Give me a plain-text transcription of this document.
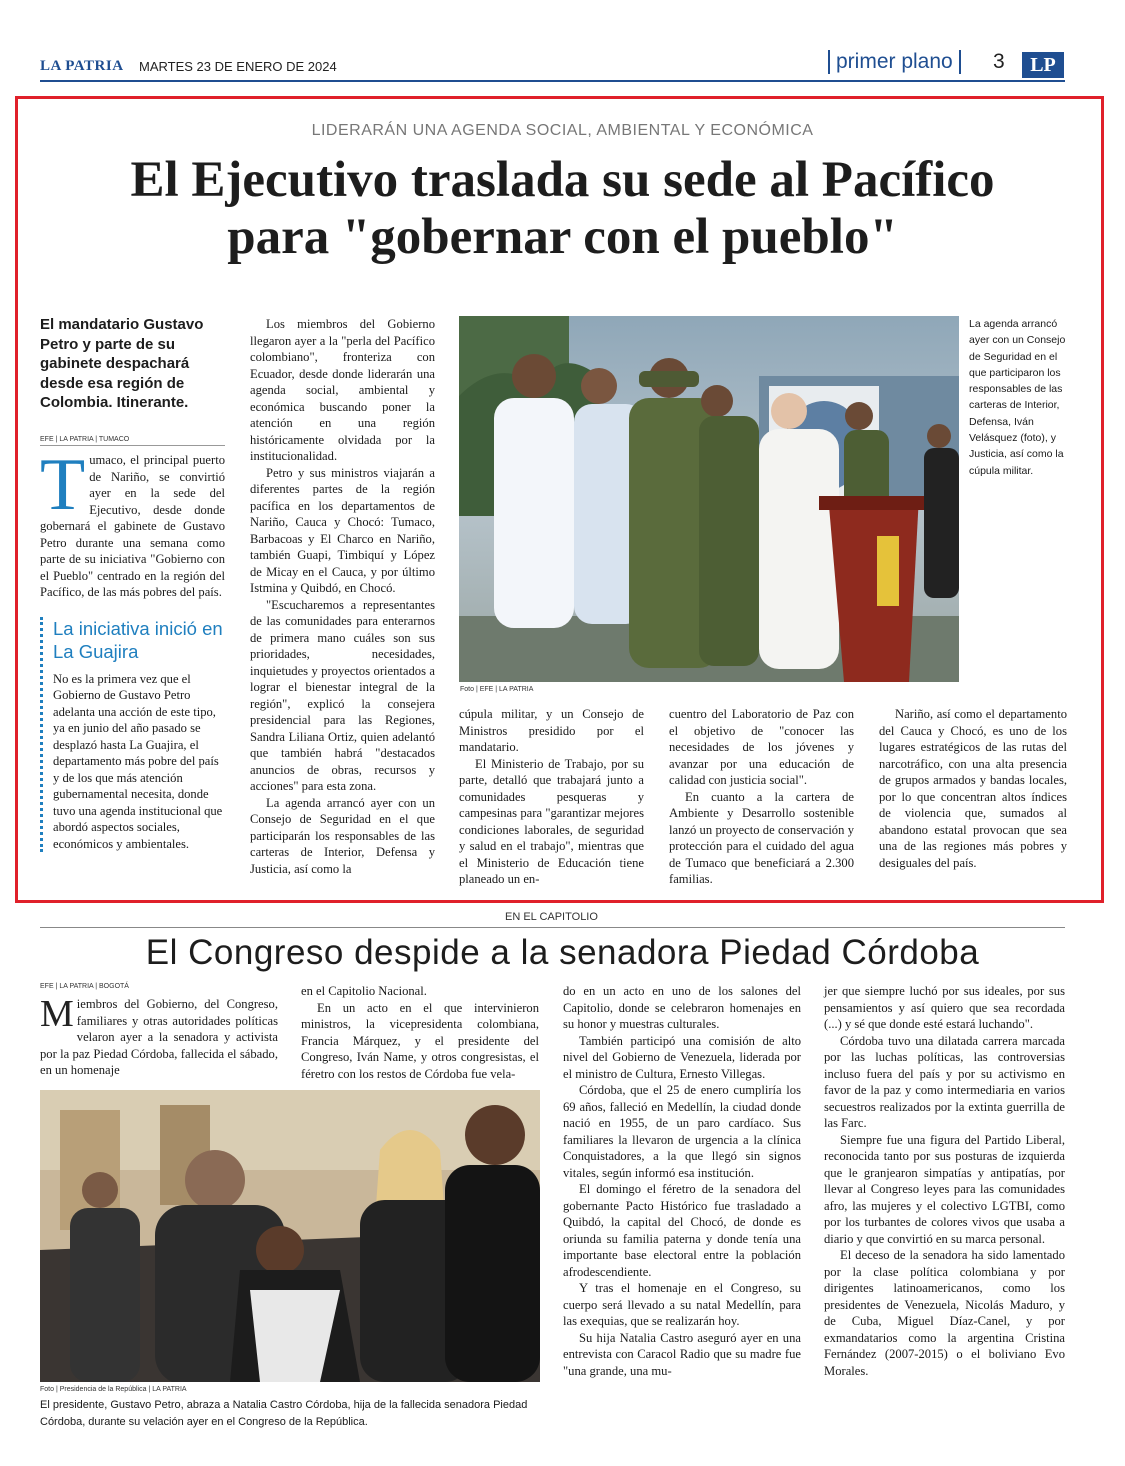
LA PATRIA MARTES 23 DE ENERO DE 2024	primer plano	3	LP
LIDERARÁN UNA AGENDA SOCIAL, AMBIENTAL Y ECONÓMICA
El Ejecutivo traslada su sede al Pacífico
para "gobernar con el pueblo"
El mandatario Gustavo Petro y parte de su gabinete despachará desde esa región de Colombia. Itinerante.
EFE | LA PATRIA | TUMACO
Tumaco, el principal puerto de Nariño, se convirtió ayer en la sede del Ejecutivo, desde donde gobernará el gabinete de Gustavo Petro durante una semana como parte de su iniciativa "Gobierno con el Pueblo" centrado en la región del Pacífico, de las más pobres del país.
La iniciativa inició en La Guajira
No es la primera vez que el Gobierno de Gustavo Petro adelanta una acción de este tipo, ya en junio del año pasado se desplazó hasta La Guajira, el departamento más pobre del país y de los que más atención gubernamental necesita, donde tuvo una agenda institucional que abordó aspectos sociales, económicos y ambientales.

Los miembros del Gobierno llegaron ayer a la "perla del Pacífico colombiano", fronteriza con Ecuador, desde donde liderarán una agenda social, ambiental y económica buscando poner la atención en una región históricamente olvidada por la institucionalidad.

Petro y sus ministros viajarán a diferentes partes de la región pacífica en los departamentos de Nariño, Cauca y Chocó: Tumaco, Barbacoas y El Charco en Nariño, también Guapi, Timbiquí y López de Micay en el Cauca, y por último Istmina y Quibdó, en Chocó.

"Escucharemos a representantes de las comunidades para enterarnos de primera mano cuáles son sus prioridades, necesidades, inquietudes y proyectos orientados a lograr el bienestar integral de la región", explicó la consejera presidencial para las Regiones, Sandra Liliana Ortiz, quien adelantó que también habrá "destacados anuncios de obras, recursos y acciones" para esta zona.

La agenda arrancó ayer con un Consejo de Seguridad en el que participarán los responsables de las carteras de Interior, Defensa y Justicia, así como la

Foto | EFE | LA PATRIA
La agenda arrancó ayer con un Consejo de Seguridad en el que participaron los responsables de las carteras de Interior, Defensa, Iván Velásquez (foto), y Justicia, así como la cúpula militar.

cúpula militar, y un Consejo de Ministros presidido por el mandatario.

El Ministerio de Trabajo, por su parte, detalló que trabajará junto a comunidades pesqueras y campesinas para "garantizar mejores condiciones laborales, de seguridad y salud en el trabajo", mientras que el Ministerio de Educación tiene planeado un en-

cuentro del Laboratorio de Paz con el objetivo de "conocer las necesidades de los jóvenes y avanzar por una educación de calidad con justicia social".

En cuanto a la cartera de Ambiente y Desarrollo sostenible lanzó un proyecto de conservación y protección para el cuidado del agua de Tumaco que beneficiará a 2.300 familias.

Nariño, así como el departamento del Cauca y Chocó, es uno de los lugares estratégicos de las rutas del narcotráfico, con una alta presencia de grupos armados y bandas locales, por lo que concentran altos índices de violencia que, sumados al abandono estatal provocan que sea una de las regiones más pobres y desiguales del país.

EN EL CAPITOLIO
El Congreso despide a la senadora Piedad Córdoba
EFE | LA PATRIA | BOGOTÁ
Miembros del Gobierno, del Congreso, familiares y otras autoridades políticas velaron ayer a la senadora y activista por la paz Piedad Córdoba, fallecida el sábado, en un homenaje

en el Capitolio Nacional.

En un acto en el que intervinieron ministros, la vicepresidenta colombiana, Francia Márquez, y el presidente del Congreso, Iván Name, y otros congresistas, el féretro con los restos de Córdoba fue vela-

Foto | Presidencia de la República | LA PATRIA
El presidente, Gustavo Petro, abraza a Natalia Castro Córdoba, hija de la fallecida senadora Piedad Córdoba, durante su velación ayer en el Congreso de la República.

do en un acto en uno de los salones del Capitolio, donde se celebraron homenajes en su honor y muestras culturales.

También participó una comisión de alto nivel del Gobierno de Venezuela, liderada por el ministro de Cultura, Ernesto Villegas.

Córdoba, que el 25 de enero cumpliría los 69 años, falleció en Medellín, la ciudad donde nació en 1955, de un paro cardíaco. Sus familiares la llevaron de urgencia a la clínica Conquistadores, a la que llegó sin signos vitales, según informó esa institución.

El domingo el féretro de la senadora del gobernante Pacto Histórico fue trasladado a Quibdó, la capital del Chocó, de donde es oriunda su familia paterna y donde tenía una importante base electoral entre la población afrodescendiente.

Y tras el homenaje en el Congreso, su cuerpo será llevado a su natal Medellín, para las exequias, que se realizarán hoy.

Su hija Natalia Castro aseguró ayer en una entrevista con Caracol Radio que su madre fue "una grande, una mu-

jer que siempre luchó por sus ideales, por sus pensamientos y así quiero que sea recordada (...) y sé que donde esté estará luchando".

Córdoba tuvo una dilatada carrera marcada por las luchas políticas, las controversias incluso fuera del país y por su activismo en favor de la paz y como intermediaria en varios secuestros realizados por la extinta guerrilla de las Farc.

Siempre fue una figura del Partido Liberal, reconocida tanto por sus posturas de izquierda que le granjearon simpatías y antipatías, por llevar al Congreso leyes para las comunidades afro, las mujeres y el colectivo LGTBI, como por los turbantes de colores vivos que usaba a diario y que convirtió en su marca personal.

El deceso de la senadora ha sido lamentado por la clase política colombiana y por dirigentes latinoamericanos, como los presidentes de Venezuela, Nicolás Maduro, y de Cuba, Miguel Díaz-Canel, y por exmandatarios como la argentina Cristina Fernández (2007-2015) o el boliviano Evo Morales.
